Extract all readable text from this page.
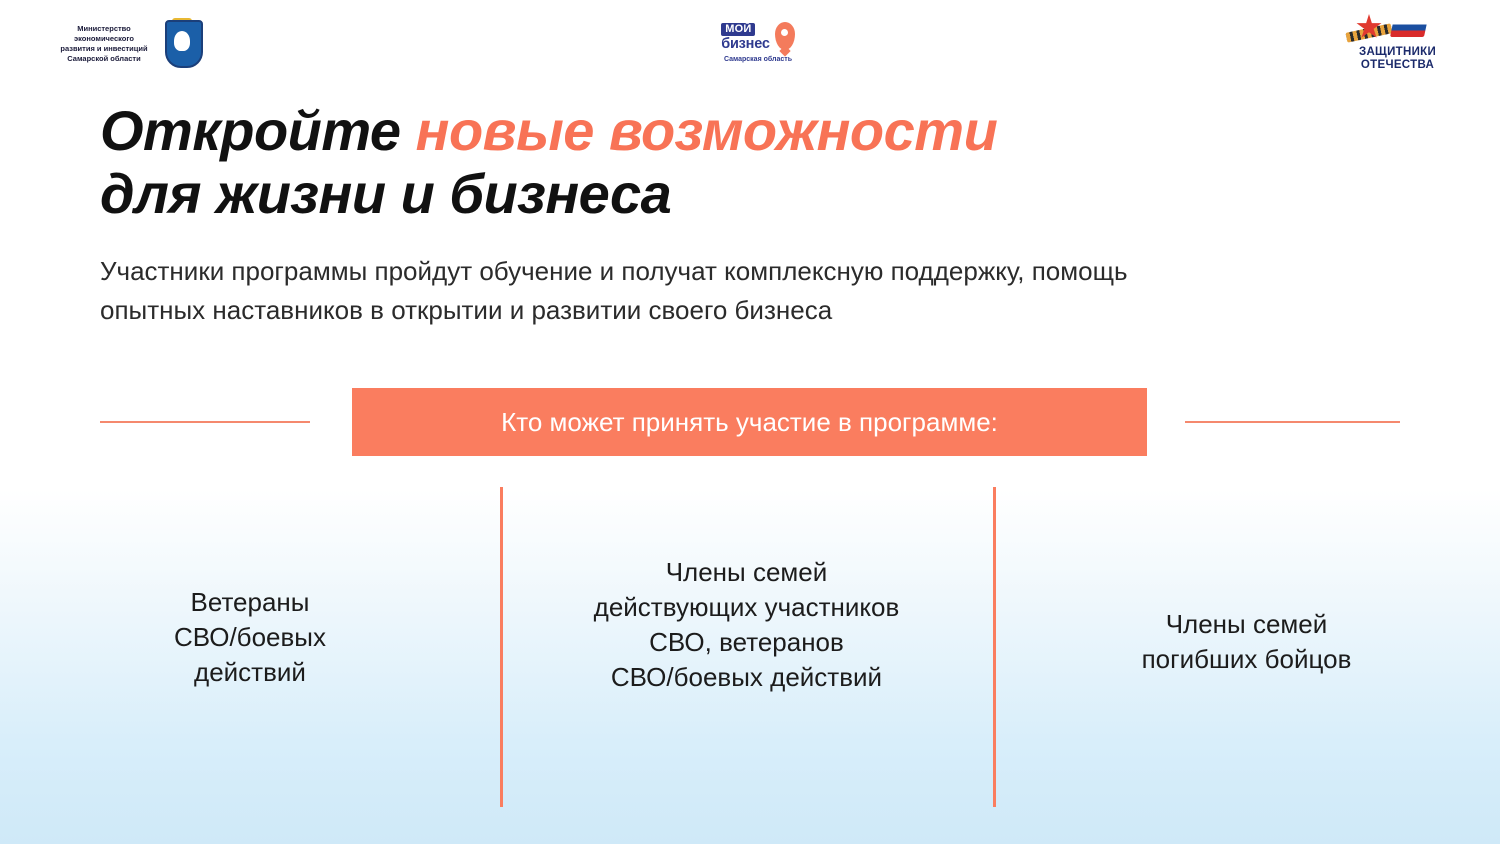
Министерство
экономического
развития и инвестиций
Самарской области
МОЙ
бизнес
Самарская область
ЗАЩИТНИКИ
ОТЕЧЕСТВА
Откройте новые возможности
для жизни и бизнеса
Участники программы пройдут обучение и получат комплексную поддержку, помощь опытных наставников в открытии и развитии своего бизнеса
Кто может принять участие в программе:

Ветераны

СВО/боевых

действий

Члены семей

действующих участников

СВО, ветеранов

СВО/боевых действий

Члены семей

погибших бойцов
